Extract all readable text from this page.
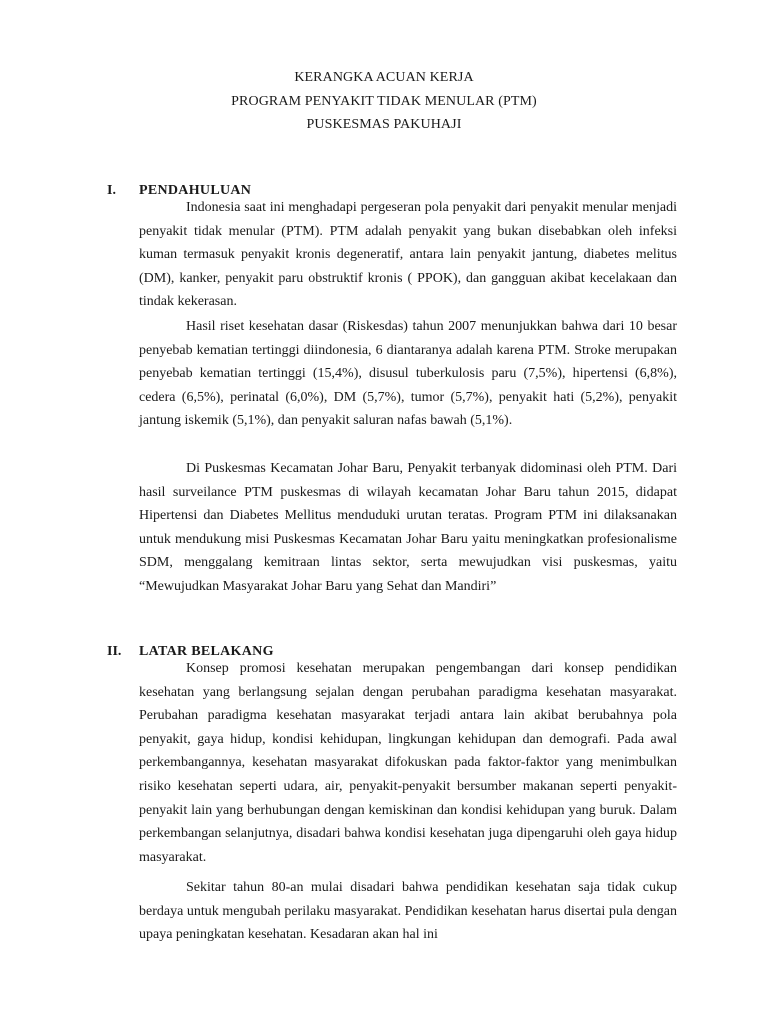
KERANGKA ACUAN KERJA
PROGRAM PENYAKIT TIDAK MENULAR (PTM)
PUSKESMAS PAKUHAJI
I. PENDAHULUAN

Indonesia saat ini menghadapi pergeseran pola penyakit dari penyakit menular menjadi penyakit tidak menular (PTM). PTM adalah penyakit yang bukan disebabkan oleh infeksi kuman termasuk penyakit kronis degeneratif, antara lain penyakit jantung, diabetes melitus (DM), kanker, penyakit paru obstruktif kronis ( PPOK), dan gangguan akibat kecelakaan dan tindak kekerasan.

Hasil riset kesehatan dasar (Riskesdas) tahun 2007 menunjukkan bahwa dari 10 besar penyebab kematian tertinggi diindonesia, 6 diantaranya adalah karena PTM. Stroke merupakan penyebab kematian tertinggi (15,4%), disusul tuberkulosis paru (7,5%), hipertensi (6,8%), cedera (6,5%), perinatal (6,0%), DM (5,7%), tumor (5,7%), penyakit hati (5,2%), penyakit jantung iskemik (5,1%), dan penyakit saluran nafas bawah (5,1%).

Di Puskesmas Kecamatan Johar Baru, Penyakit terbanyak didominasi oleh PTM. Dari hasil surveilance PTM puskesmas di wilayah kecamatan Johar Baru tahun 2015, didapat Hipertensi dan Diabetes Mellitus menduduki urutan teratas. Program PTM ini dilaksanakan untuk mendukung misi Puskesmas Kecamatan Johar Baru yaitu meningkatkan profesionalisme SDM, menggalang kemitraan lintas sektor, serta mewujudkan visi puskesmas, yaitu “Mewujudkan Masyarakat Johar Baru yang Sehat dan Mandiri”

II. LATAR BELAKANG

Konsep promosi kesehatan merupakan pengembangan dari konsep pendidikan kesehatan yang berlangsung sejalan dengan perubahan paradigma kesehatan masyarakat. Perubahan paradigma kesehatan masyarakat terjadi antara lain akibat berubahnya pola penyakit, gaya hidup, kondisi kehidupan, lingkungan kehidupan dan demografi. Pada awal perkembangannya, kesehatan masyarakat difokuskan pada faktor-faktor yang menimbulkan risiko kesehatan seperti udara, air, penyakit-penyakit bersumber makanan seperti penyakit-penyakit lain yang berhubungan dengan kemiskinan dan kondisi kehidupan yang buruk. Dalam perkembangan selanjutnya, disadari bahwa kondisi kesehatan juga dipengaruhi oleh gaya hidup masyarakat.

Sekitar tahun 80-an mulai disadari bahwa pendidikan kesehatan saja tidak cukup berdaya untuk mengubah perilaku masyarakat. Pendidikan kesehatan harus disertai pula dengan upaya peningkatan kesehatan. Kesadaran akan hal ini
